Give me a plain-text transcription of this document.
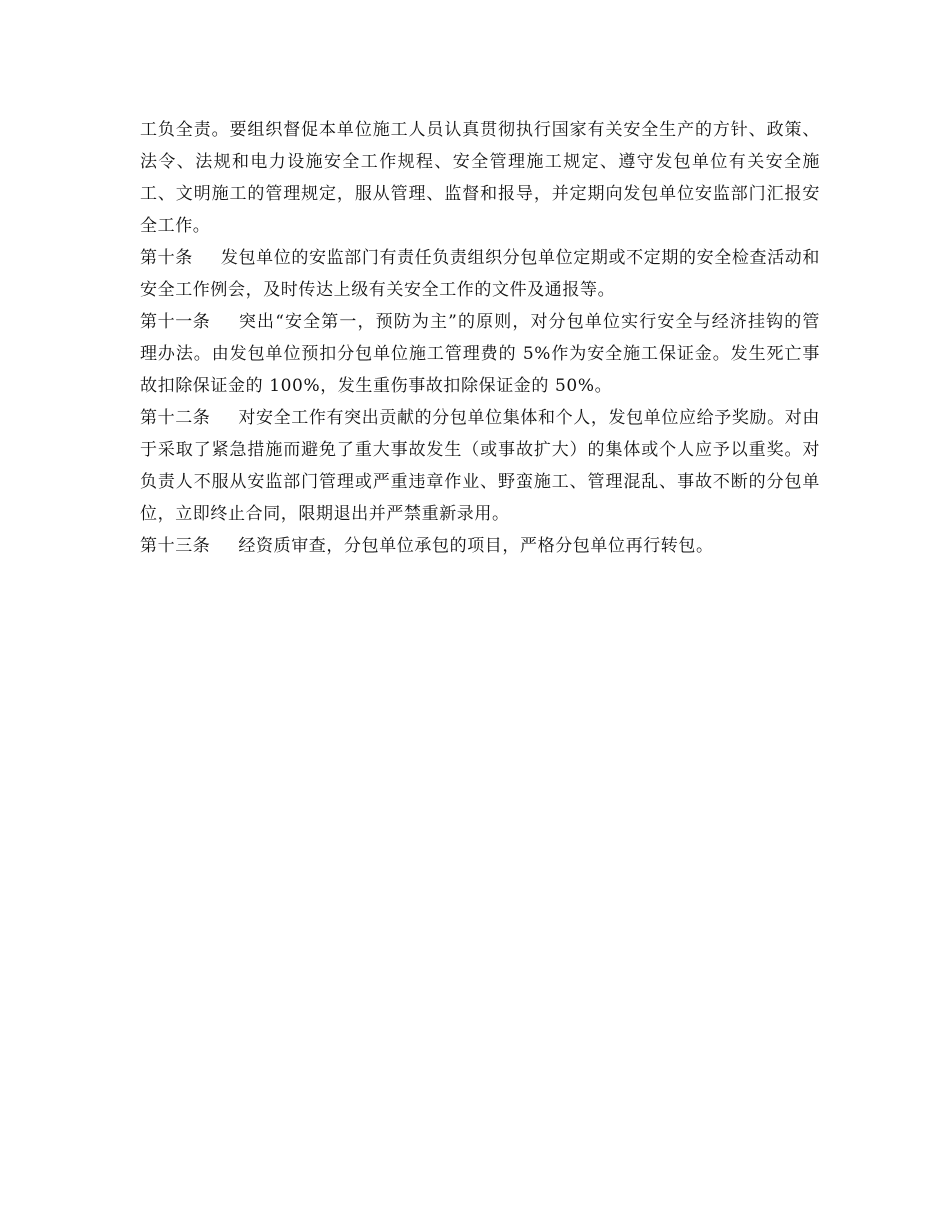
工负全责。要组织督促本单位施工人员认真贯彻执行国家有关安全生产的方针、政策、法令、法规和电力设施安全工作规程、安全管理施工规定、遵守发包单位有关安全施工、文明施工的管理规定，服从管理、监督和报导，并定期向发包单位安监部门汇报安全工作。

第十条 发包单位的安监部门有责任负责组织分包单位定期或不定期的安全检查活动和安全工作例会，及时传达上级有关安全工作的文件及通报等。

第十一条 突出“安全第一，预防为主”的原则，对分包单位实行安全与经济挂钩的管理办法。由发包单位预扣分包单位施工管理费的 5%作为安全施工保证金。发生死亡事故扣除保证金的 100%，发生重伤事故扣除保证金的 50%。

第十二条 对安全工作有突出贡献的分包单位集体和个人，发包单位应给予奖励。对由于采取了紧急措施而避免了重大事故发生（或事故扩大）的集体或个人应予以重奖。对负责人不服从安监部门管理或严重违章作业、野蛮施工、管理混乱、事故不断的分包单位，立即终止合同，限期退出并严禁重新录用。

第十三条 经资质审查，分包单位承包的项目，严格分包单位再行转包。
